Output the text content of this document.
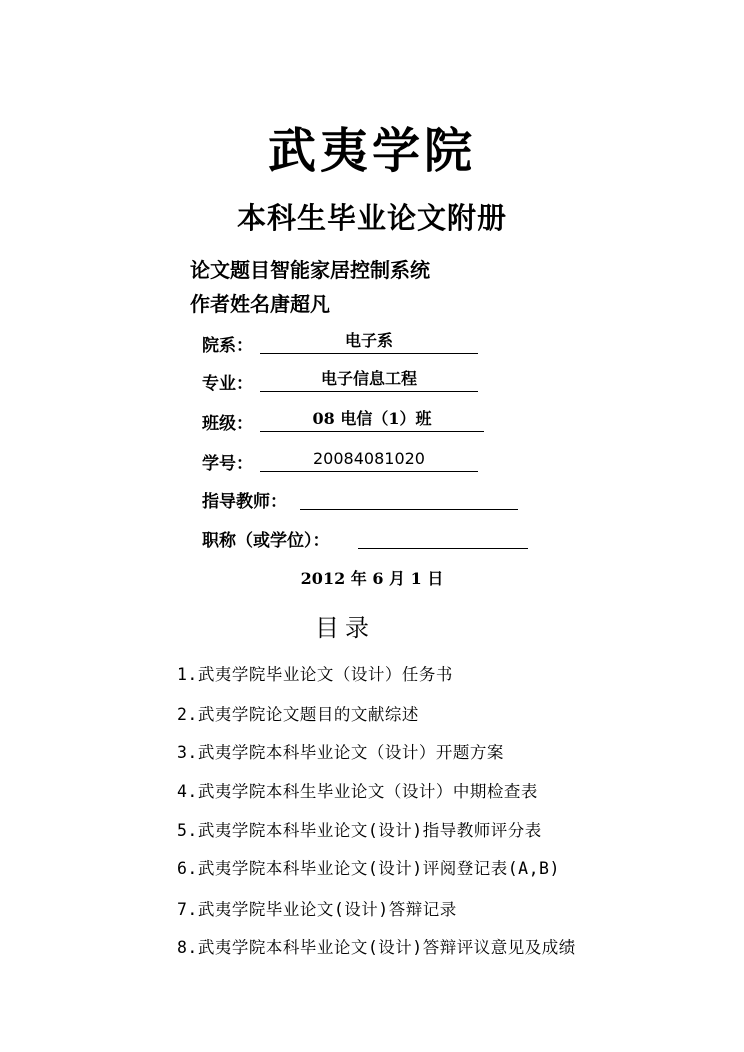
武夷学院
本科生毕业论文附册
论文题目智能家居控制系统
作者姓名唐超凡
院系：	电子系
专业：	电子信息工程
班级：	08 电信（1）班
学号：	20084081020
指导教师：
职称（或学位）：
2012 年 6 月 1 日
目录
1.武夷学院毕业论文（设计）任务书
2.武夷学院论文题目的文献综述
3.武夷学院本科毕业论文（设计）开题方案
4.武夷学院本科生毕业论文（设计）中期检查表
5.武夷学院本科毕业论文(设计)指导教师评分表
6.武夷学院本科毕业论文(设计)评阅登记表(A,B)
7.武夷学院毕业论文(设计)答辩记录
8.武夷学院本科毕业论文(设计)答辩评议意见及成绩
